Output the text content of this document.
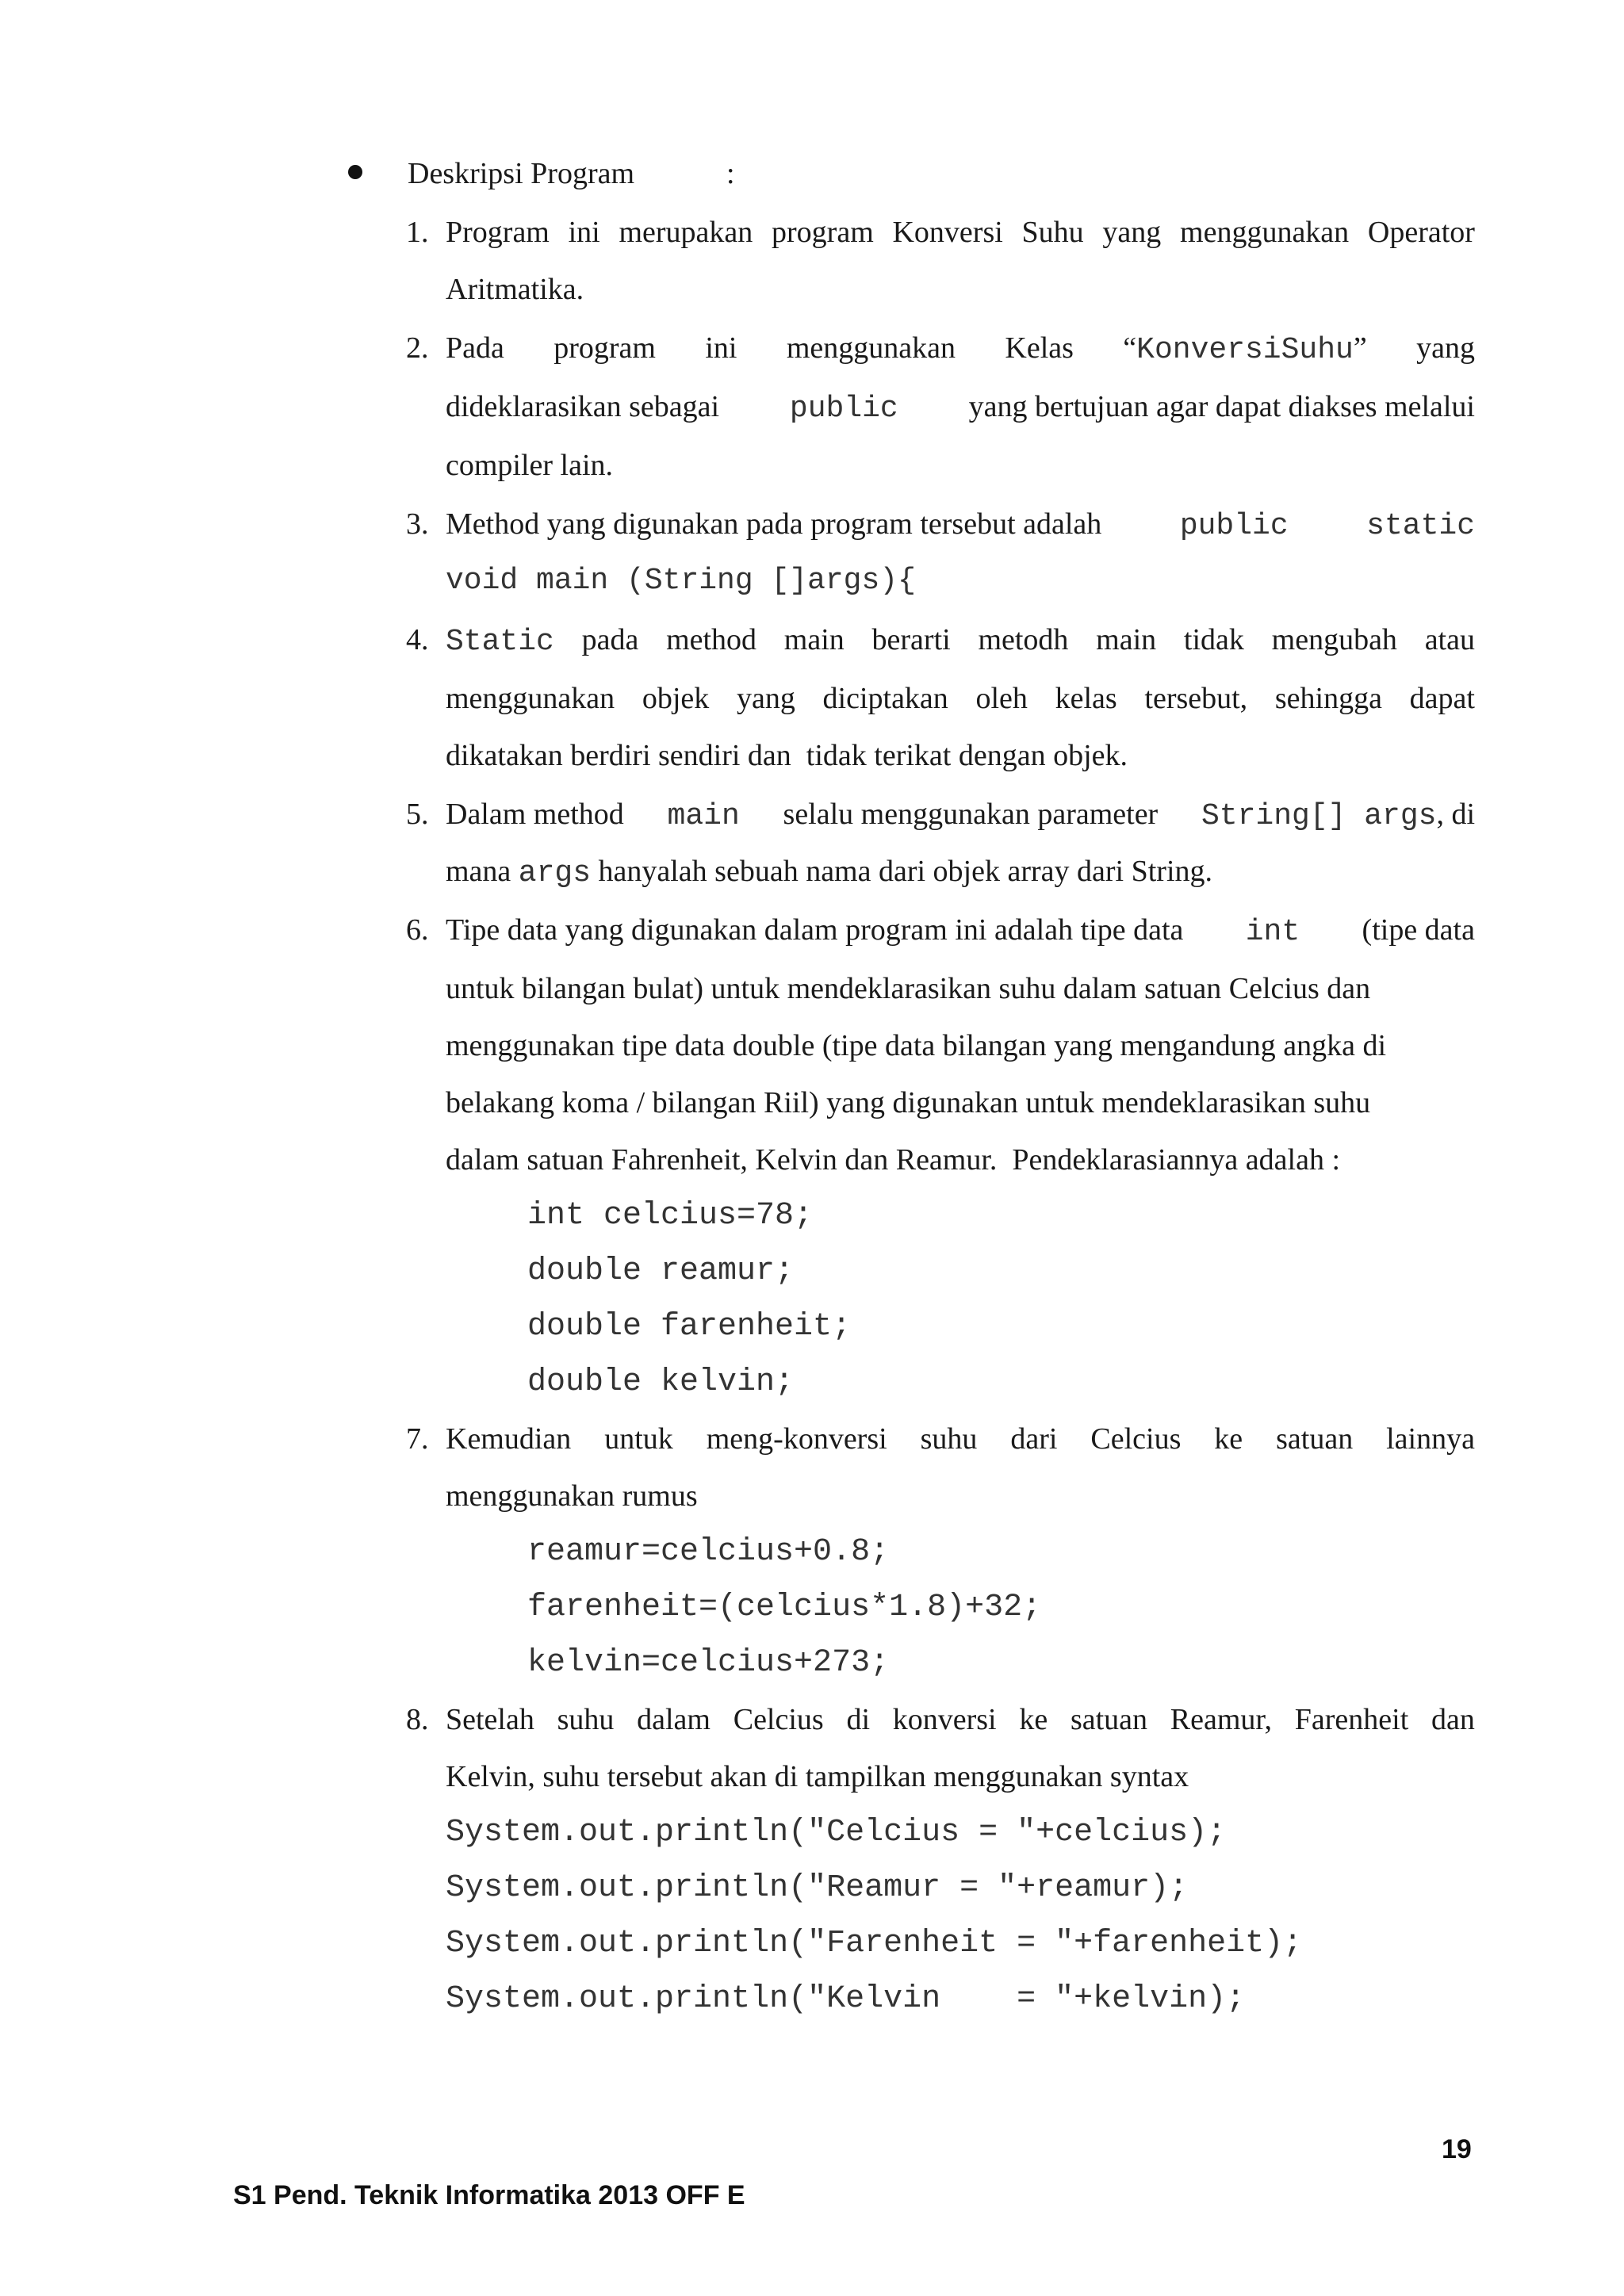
Deskripsi Program	:
1. Program ini merupakan program Konversi Suhu yang menggunakan Operator
Aritmatika.
2. Pada program ini menggunakan Kelas “KonversiSuhu” yang
dideklarasikan sebagai public yang bertujuan agar dapat diakses melalui
compiler lain.
3. Method yang digunakan pada program tersebut adalah	public	static
void main (String []args){
4. Static pada method main berarti metodh main tidak mengubah atau
menggunakan objek yang diciptakan oleh kelas tersebut, sehingga dapat
dikatakan berdiri sendiri dan  tidak terikat dengan objek.
5. Dalam method main selalu menggunakan parameter String[] args, di
mana args hanyalah sebuah nama dari objek array dari String.
6. Tipe data yang digunakan dalam program ini adalah tipe data int (tipe data
untuk bilangan bulat) untuk mendeklarasikan suhu dalam satuan Celcius dan
menggunakan tipe data double (tipe data bilangan yang mengandung angka di
belakang koma / bilangan Riil) yang digunakan untuk mendeklarasikan suhu
dalam satuan Fahrenheit, Kelvin dan Reamur.  Pendeklarasiannya adalah :
int celcius=78;
double reamur;
double farenheit;
double kelvin;
7. Kemudian untuk meng-konversi suhu dari Celcius ke satuan lainnya
menggunakan rumus
reamur=celcius+0.8;
farenheit=(celcius*1.8)+32;
kelvin=celcius+273;
8. Setelah suhu dalam Celcius di konversi ke satuan Reamur, Farenheit dan
Kelvin, suhu tersebut akan di tampilkan menggunakan syntax
System.out.println("Celcius = "+celcius);
System.out.println("Reamur = "+reamur);
System.out.println("Farenheit = "+farenheit);
System.out.println("Kelvin    = "+kelvin);
19
S1 Pend. Teknik Informatika 2013 OFF E
